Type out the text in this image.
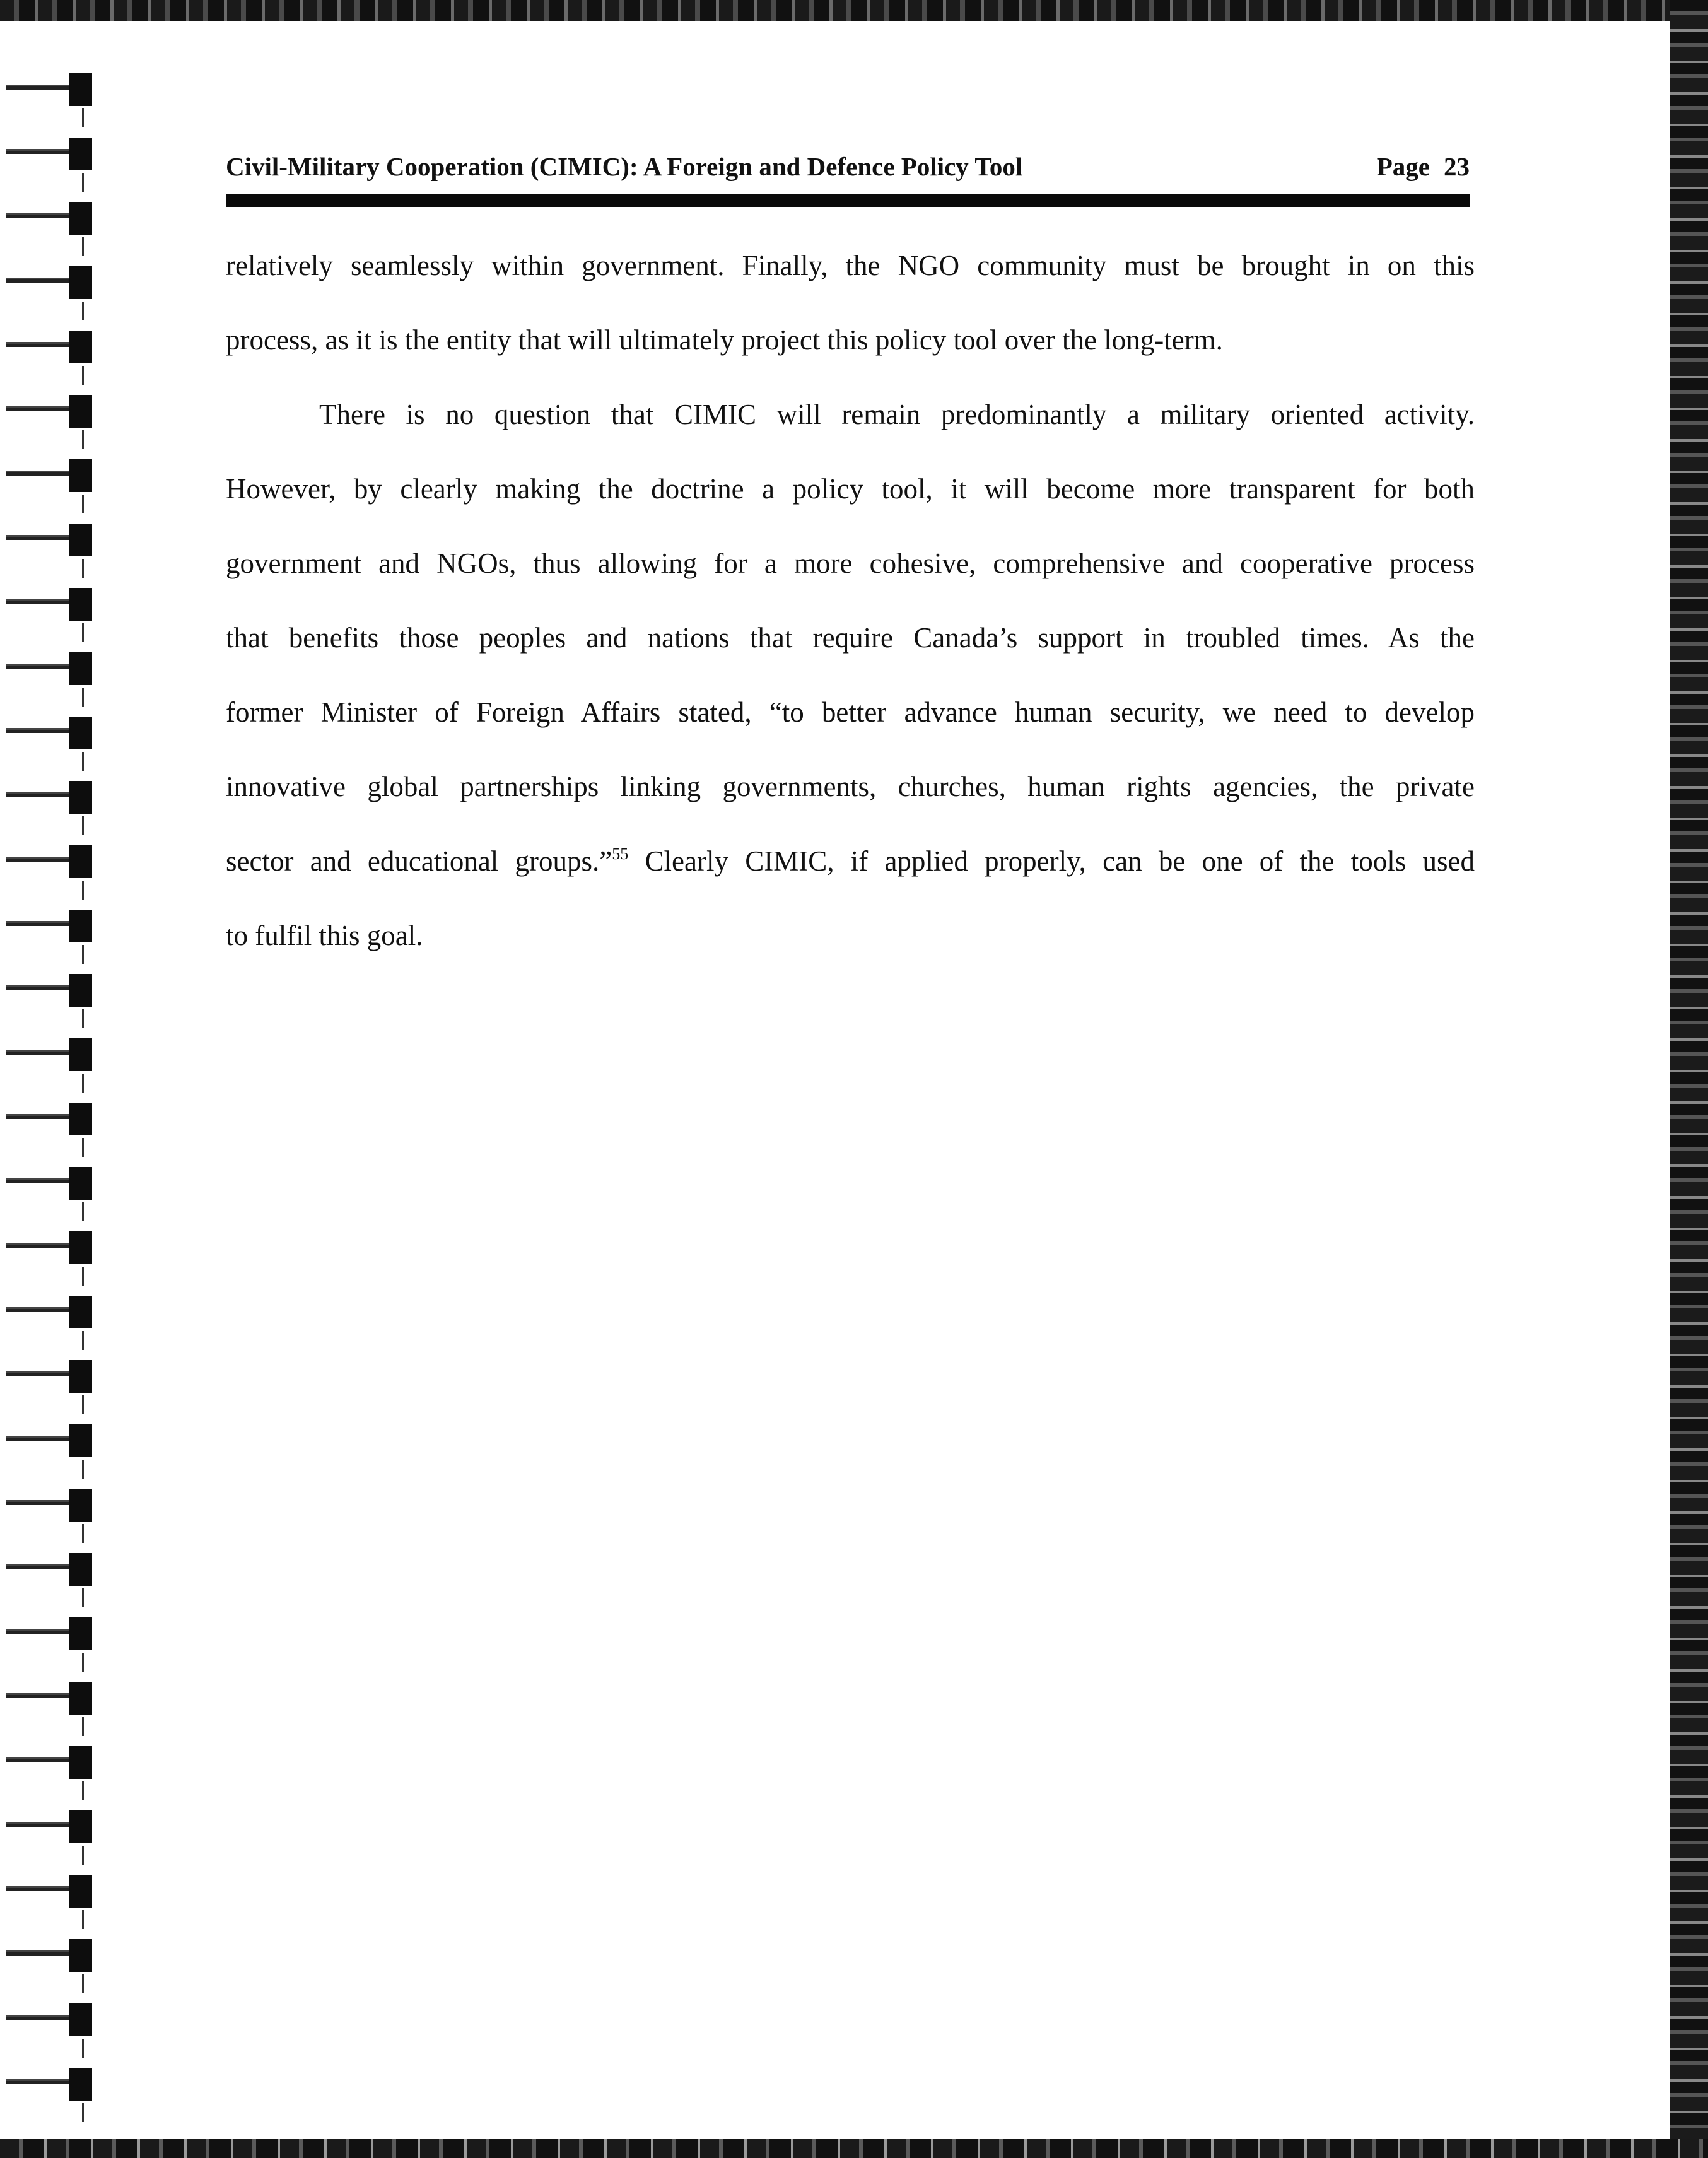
Civil-Military Cooperation (CIMIC): A Foreign and Defence Policy Tool	Page 23
relatively seamlessly within government. Finally, the NGO community must be brought in on this
process, as it is the entity that will ultimately project this policy tool over the long-term.
There is no question that CIMIC will remain predominantly a military oriented activity.
However, by clearly making the doctrine a policy tool, it will become more transparent for both
government and NGOs, thus allowing for a more cohesive, comprehensive and cooperative process
that benefits those peoples and nations that require Canada’s support in troubled times. As the
former Minister of Foreign Affairs stated, “to better advance human security, we need to develop
innovative global partnerships linking governments, churches, human rights agencies, the private
sector and educational groups.”$^{55}$ Clearly CIMIC, if applied properly, can be one of the tools used
to fulfil this goal.
